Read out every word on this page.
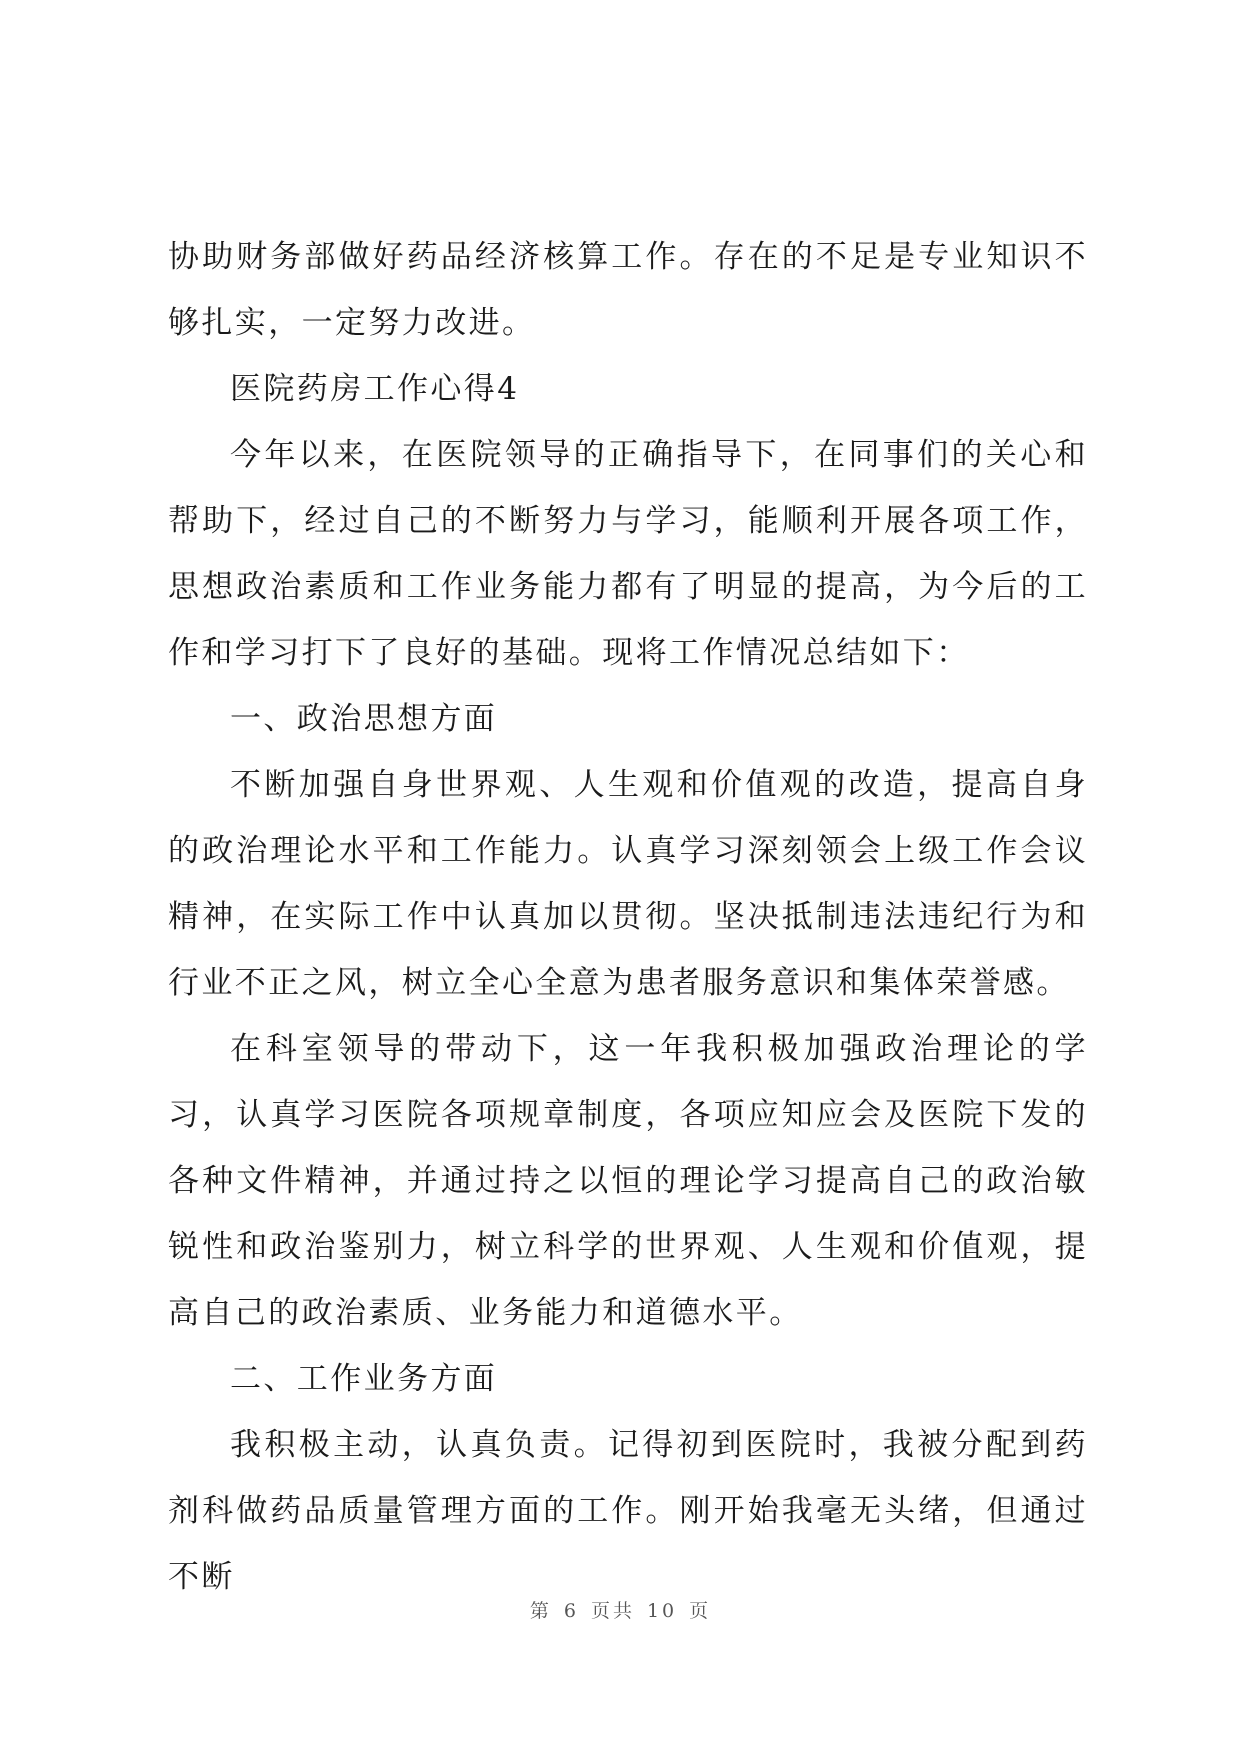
协助财务部做好药品经济核算工作。存在的不足是专业知识不够扎实，一定努力改进。

医院药房工作心得4

今年以来，在医院领导的正确指导下，在同事们的关心和帮助下，经过自己的不断努力与学习，能顺利开展各项工作，思想政治素质和工作业务能力都有了明显的提高，为今后的工作和学习打下了良好的基础。现将工作情况总结如下：

一、政治思想方面

不断加强自身世界观、人生观和价值观的改造，提高自身的政治理论水平和工作能力。认真学习深刻领会上级工作会议精神，在实际工作中认真加以贯彻。坚决抵制违法违纪行为和行业不正之风，树立全心全意为患者服务意识和集体荣誉感。

在科室领导的带动下，这一年我积极加强政治理论的学习，认真学习医院各项规章制度，各项应知应会及医院下发的各种文件精神，并通过持之以恒的理论学习提高自己的政治敏锐性和政治鉴别力，树立科学的世界观、人生观和价值观，提高自己的政治素质、业务能力和道德水平。

二、工作业务方面

我积极主动，认真负责。记得初到医院时，我被分配到药剂科做药品质量管理方面的工作。刚开始我毫无头绪，但通过不断

第 6 页共 10 页
